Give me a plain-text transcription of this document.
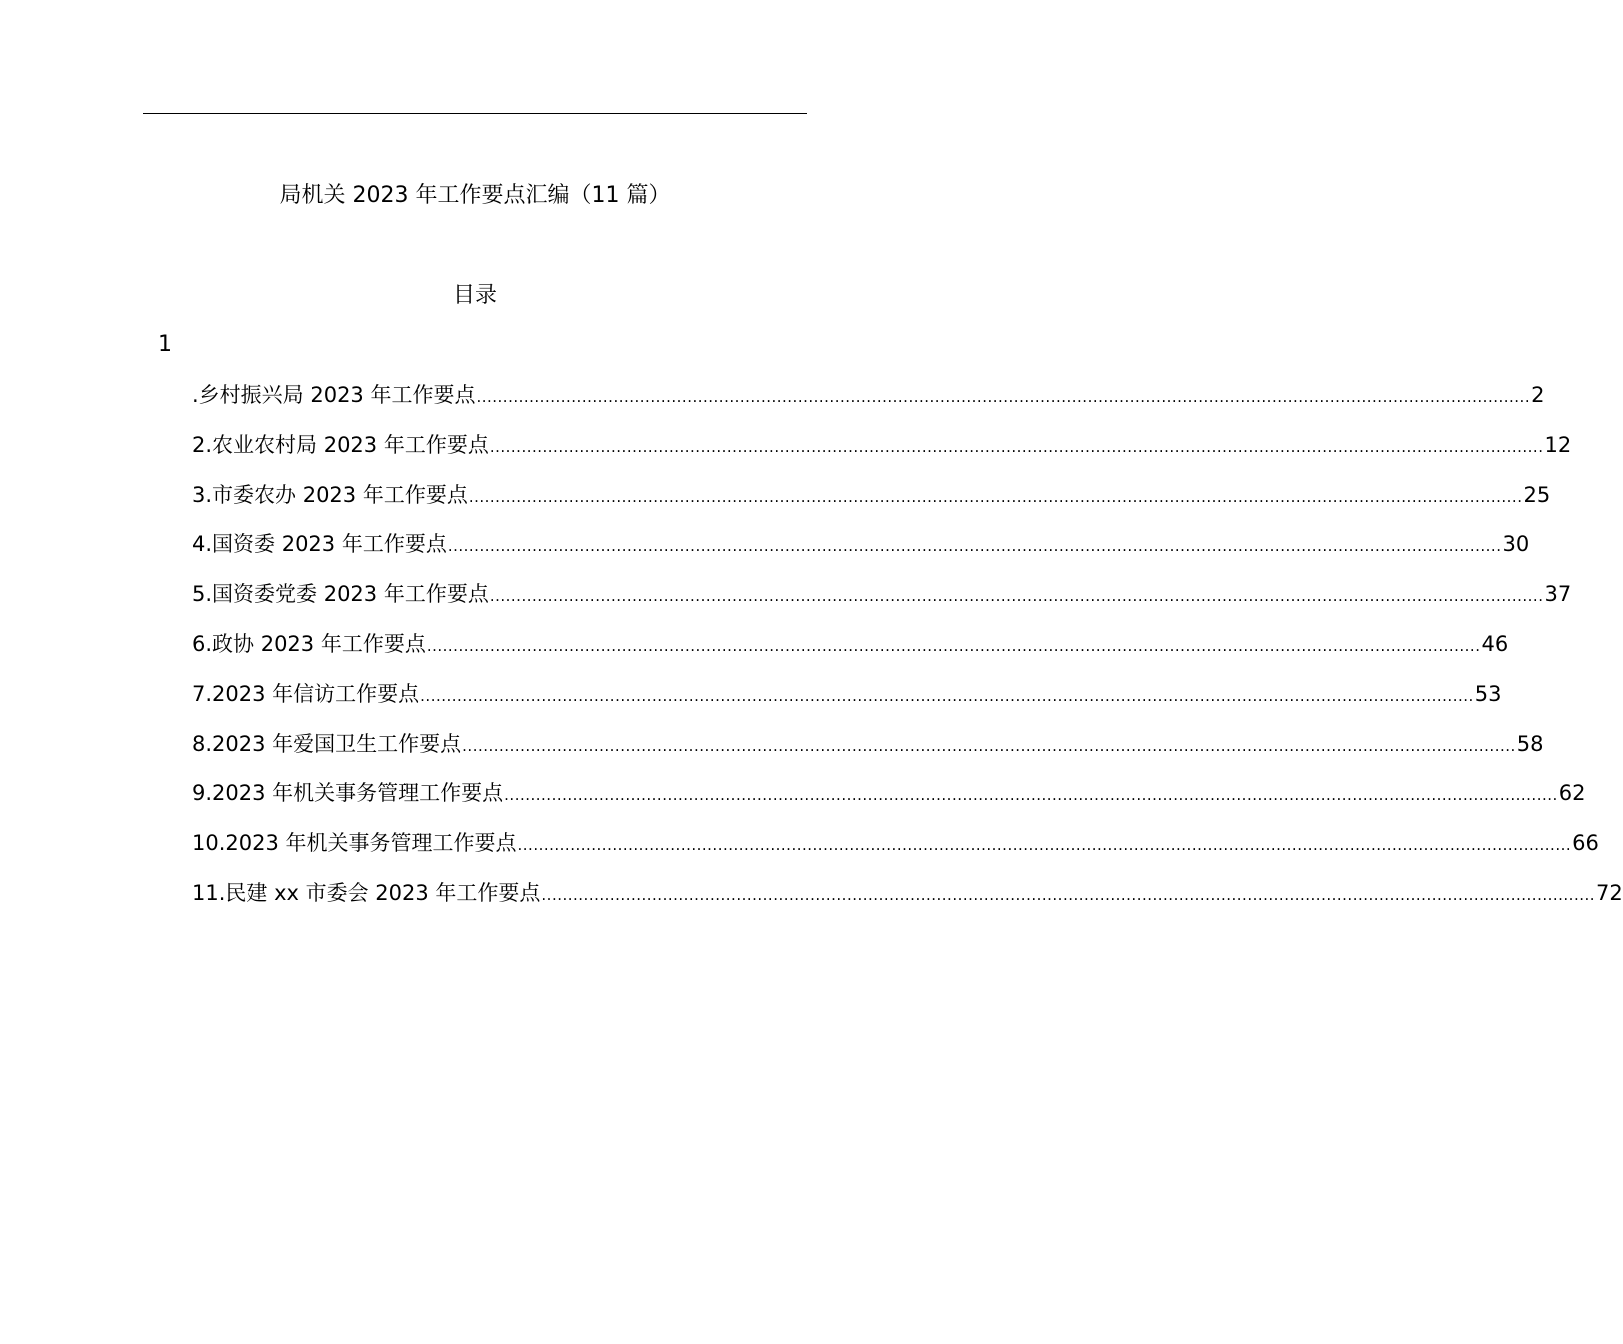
局机关 2023 年工作要点汇编（11 篇）
目录
1
.乡村振兴局 2023 年工作要点 ........................................................................................................................................................................................................ 2
2.农业农村局 2023 年工作要点 ........................................................................................................................................................................................................ 12
3.市委农办 2023 年工作要点 ........................................................................................................................................................................................................ 25
4.国资委 2023 年工作要点 ........................................................................................................................................................................................................ 30
5.国资委党委 2023 年工作要点 ........................................................................................................................................................................................................ 37
6.政协 2023 年工作要点 ........................................................................................................................................................................................................ 46
7.2023 年信访工作要点 ........................................................................................................................................................................................................ 53
8.2023 年爱国卫生工作要点 ........................................................................................................................................................................................................ 58
9.2023 年机关事务管理工作要点 ........................................................................................................................................................................................................ 62
10.2023 年机关事务管理工作要点 ........................................................................................................................................................................................................ 66
11.民建 xx 市委会 2023 年工作要点 ........................................................................................................................................................................................................ 72
